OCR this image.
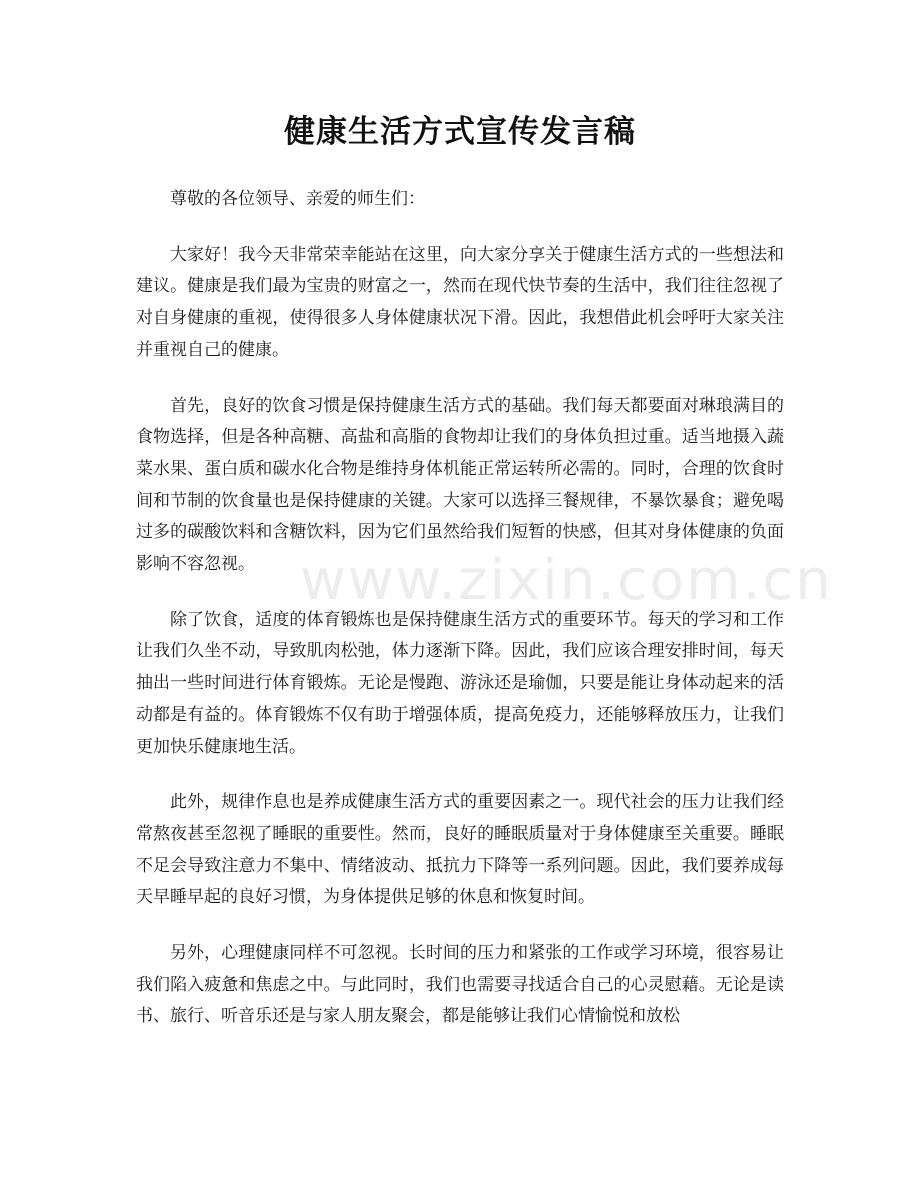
健康生活方式宣传发言稿

尊敬的各位领导、亲爱的师生们：

大家好！我今天非常荣幸能站在这里，向大家分享关于健康生活方式的一些想法和建议。健康是我们最为宝贵的财富之一，然而在现代快节奏的生活中，我们往往忽视了对自身健康的重视，使得很多人身体健康状况下滑。因此，我想借此机会呼吁大家关注并重视自己的健康。

首先，良好的饮食习惯是保持健康生活方式的基础。我们每天都要面对琳琅满目的食物选择，但是各种高糖、高盐和高脂的食物却让我们的身体负担过重。适当地摄入蔬菜水果、蛋白质和碳水化合物是维持身体机能正常运转所必需的。同时，合理的饮食时间和节制的饮食量也是保持健康的关键。大家可以选择三餐规律，不暴饮暴食；避免喝过多的碳酸饮料和含糖饮料，因为它们虽然给我们短暂的快感，但其对身体健康的负面影响不容忽视。

除了饮食，适度的体育锻炼也是保持健康生活方式的重要环节。每天的学习和工作让我们久坐不动，导致肌肉松弛，体力逐渐下降。因此，我们应该合理安排时间，每天抽出一些时间进行体育锻炼。无论是慢跑、游泳还是瑜伽，只要是能让身体动起来的活动都是有益的。体育锻炼不仅有助于增强体质，提高免疫力，还能够释放压力，让我们更加快乐健康地生活。

此外，规律作息也是养成健康生活方式的重要因素之一。现代社会的压力让我们经常熬夜甚至忽视了睡眠的重要性。然而，良好的睡眠质量对于身体健康至关重要。睡眠不足会导致注意力不集中、情绪波动、抵抗力下降等一系列问题。因此，我们要养成每天早睡早起的良好习惯，为身体提供足够的休息和恢复时间。

另外，心理健康同样不可忽视。长时间的压力和紧张的工作或学习环境，很容易让我们陷入疲惫和焦虑之中。与此同时，我们也需要寻找适合自己的心灵慰藉。无论是读书、旅行、听音乐还是与家人朋友聚会，都是能够让我们心情愉悦和放松

www.zixin.com.cn
